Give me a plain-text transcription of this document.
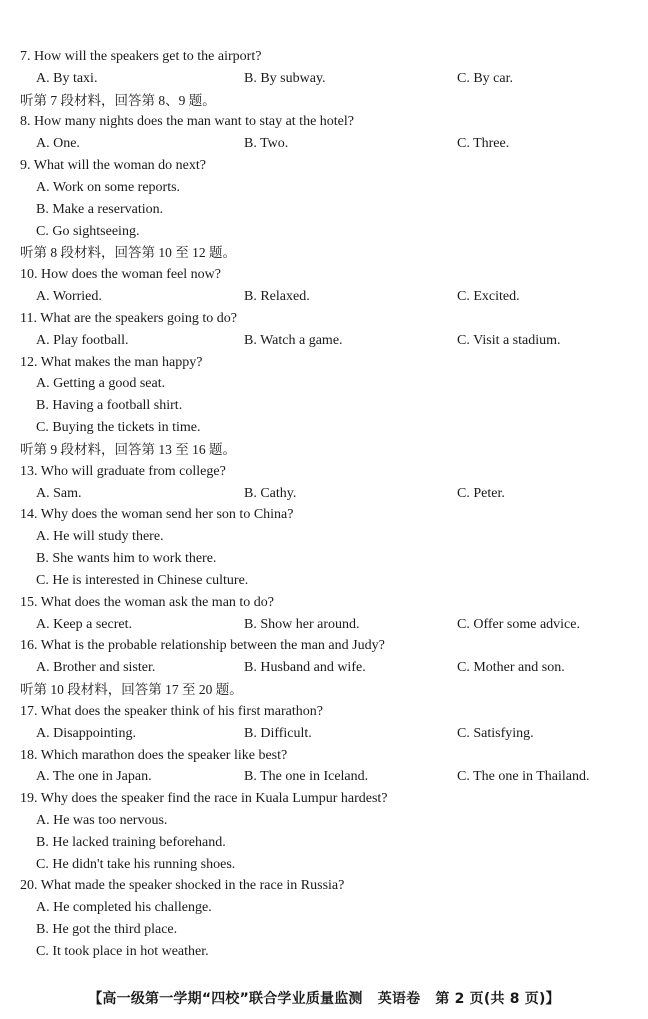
7. How will the speakers get to the airport?
A. By taxi.	B. By subway.	C. By car.
听第 7 段材料，回答第 8、9 题。
8. How many nights does the man want to stay at the hotel?
A. One.	B. Two.	C. Three.
9. What will the woman do next?
A. Work on some reports.
B. Make a reservation.
C. Go sightseeing.
听第 8 段材料，回答第 10 至 12 题。
10. How does the woman feel now?
A. Worried.	B. Relaxed.	C. Excited.
11. What are the speakers going to do?
A. Play football.	B. Watch a game.	C. Visit a stadium.
12. What makes the man happy?
A. Getting a good seat.
B. Having a football shirt.
C. Buying the tickets in time.
听第 9 段材料，回答第 13 至 16 题。
13. Who will graduate from college?
A. Sam.	B. Cathy.	C. Peter.
14. Why does the woman send her son to China?
A. He will study there.
B. She wants him to work there.
C. He is interested in Chinese culture.
15. What does the woman ask the man to do?
A. Keep a secret.	B. Show her around.	C. Offer some advice.
16. What is the probable relationship between the man and Judy?
A. Brother and sister.	B. Husband and wife.	C. Mother and son.
听第 10 段材料，回答第 17 至 20 题。
17. What does the speaker think of his first marathon?
A. Disappointing.	B. Difficult.	C. Satisfying.
18. Which marathon does the speaker like best?
A. The one in Japan.	B. The one in Iceland.	C. The one in Thailand.
19. Why does the speaker find the race in Kuala Lumpur hardest?
A. He was too nervous.
B. He lacked training beforehand.
C. He didn't take his running shoes.
20. What made the speaker shocked in the race in Russia?
A. He completed his challenge.
B. He got the third place.
C. It took place in hot weather.
【高一级第一学期“四校”联合学业质量监测 英语卷 第 2 页(共 8 页)】
